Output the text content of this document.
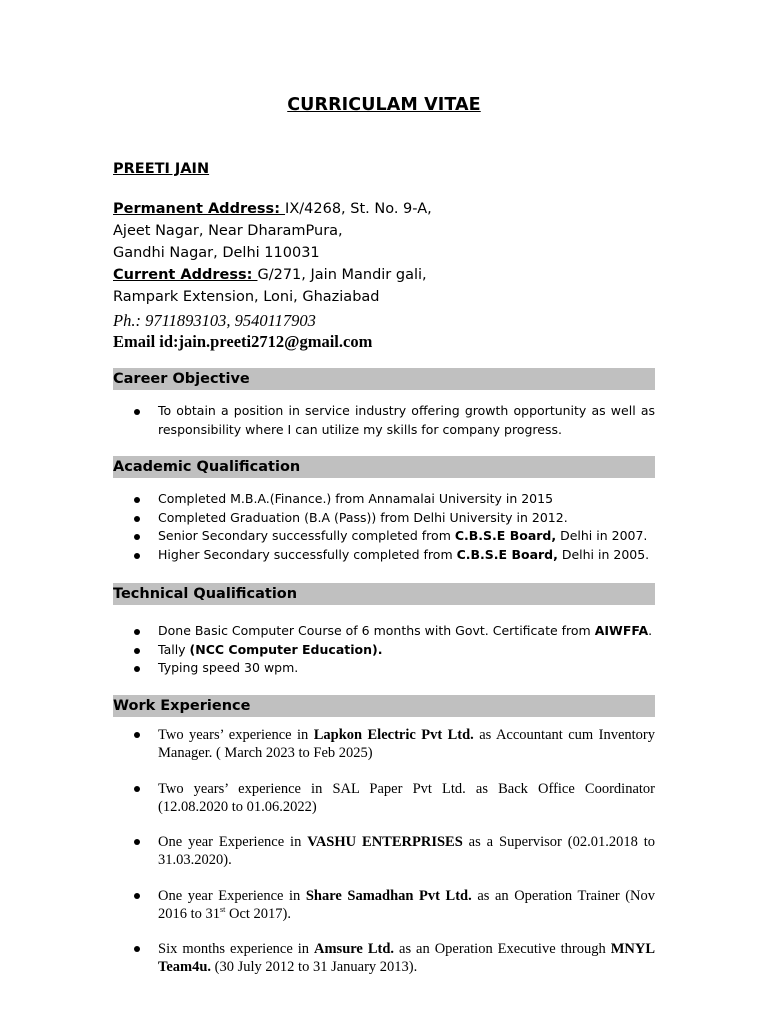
CURRICULAM VITAE
PREETI JAIN
Permanent Address: IX/4268, St. No. 9-A,
Ajeet Nagar, Near DharamPura,
Gandhi Nagar, Delhi 110031
Current Address: G/271, Jain Mandir gali,
Rampark Extension, Loni, Ghaziabad
Ph.: 9711893103, 9540117903
Email id:jain.preeti2712@gmail.com
Career Objective
To obtain a position in service industry offering growth opportunity as well as responsibility where I can utilize my skills for company progress.
Academic Qualification
Completed M.B.A.(Finance.) from Annamalai University in 2015
Completed Graduation (B.A (Pass)) from Delhi University in 2012.
Senior Secondary successfully completed from C.B.S.E Board, Delhi in 2007.
Higher Secondary successfully completed from C.B.S.E Board, Delhi in 2005.
Technical Qualification
Done Basic Computer Course of 6 months with Govt. Certificate from AIWFFA.
Tally (NCC Computer Education).
Typing speed 30 wpm.
Work Experience
Two years’ experience in Lapkon Electric Pvt Ltd. as Accountant cum Inventory Manager. ( March 2023 to Feb 2025)
Two years’ experience in SAL Paper Pvt Ltd. as Back Office Coordinator (12.08.2020 to 01.06.2022)
One year Experience in VASHU ENTERPRISES as a Supervisor (02.01.2018 to 31.03.2020).
One year Experience in Share Samadhan Pvt Ltd. as an Operation Trainer (Nov 2016 to 31st Oct 2017).
Six months experience in Amsure Ltd. as an Operation Executive through MNYL Team4u. (30 July 2012 to 31 January 2013).
